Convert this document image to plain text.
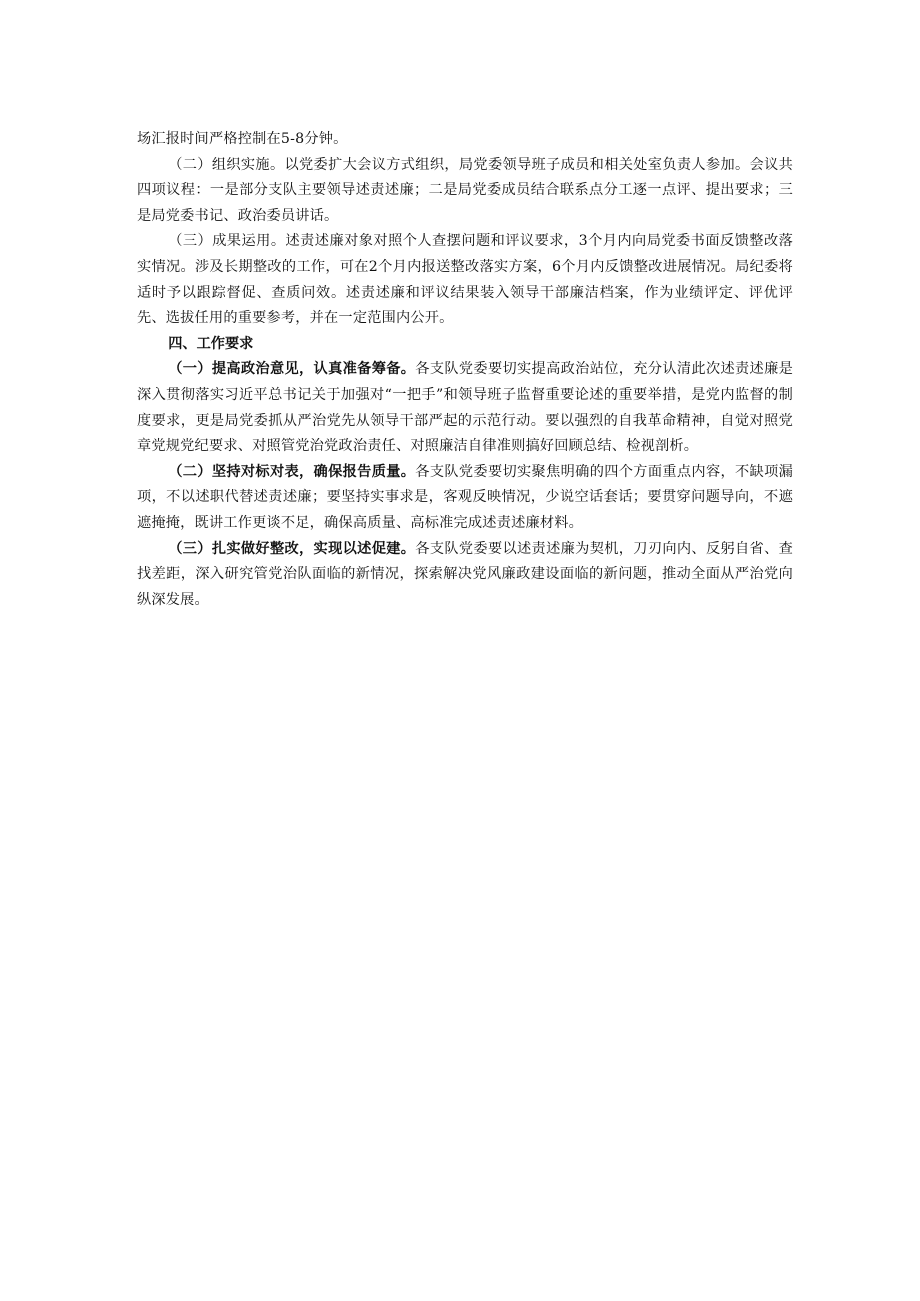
场汇报时间严格控制在5-8分钟。

（二）组织实施。以党委扩大会议方式组织，局党委领导班子成员和相关处室负责人参加。会议共四项议程：一是部分支队主要领导述责述廉；二是局党委成员结合联系点分工逐一点评、提出要求；三是局党委书记、政治委员讲话。

（三）成果运用。述责述廉对象对照个人查摆问题和评议要求，3个月内向局党委书面反馈整改落实情况。涉及长期整改的工作，可在2个月内报送整改落实方案，6个月内反馈整改进展情况。局纪委将适时予以跟踪督促、查质问效。述责述廉和评议结果装入领导干部廉洁档案，作为业绩评定、评优评先、选拔任用的重要参考，并在一定范围内公开。

四、工作要求

（一）提高政治意见，认真准备筹备。各支队党委要切实提高政治站位，充分认清此次述责述廉是深入贯彻落实习近平总书记关于加强对“一把手”和领导班子监督重要论述的重要举措，是党内监督的制度要求，更是局党委抓从严治党先从领导干部严起的示范行动。要以强烈的自我革命精神，自觉对照党章党规党纪要求、对照管党治党政治责任、对照廉洁自律准则搞好回顾总结、检视剖析。

（二）坚持对标对表，确保报告质量。各支队党委要切实聚焦明确的四个方面重点内容，不缺项漏项，不以述职代替述责述廉；要坚持实事求是，客观反映情况，少说空话套话；要贯穿问题导向，不遮遮掩掩，既讲工作更谈不足，确保高质量、高标准完成述责述廉材料。

（三）扎实做好整改，实现以述促建。各支队党委要以述责述廉为契机，刀刃向内、反躬自省、查找差距，深入研究管党治队面临的新情况，探索解决党风廉政建设面临的新问题，推动全面从严治党向纵深发展。
